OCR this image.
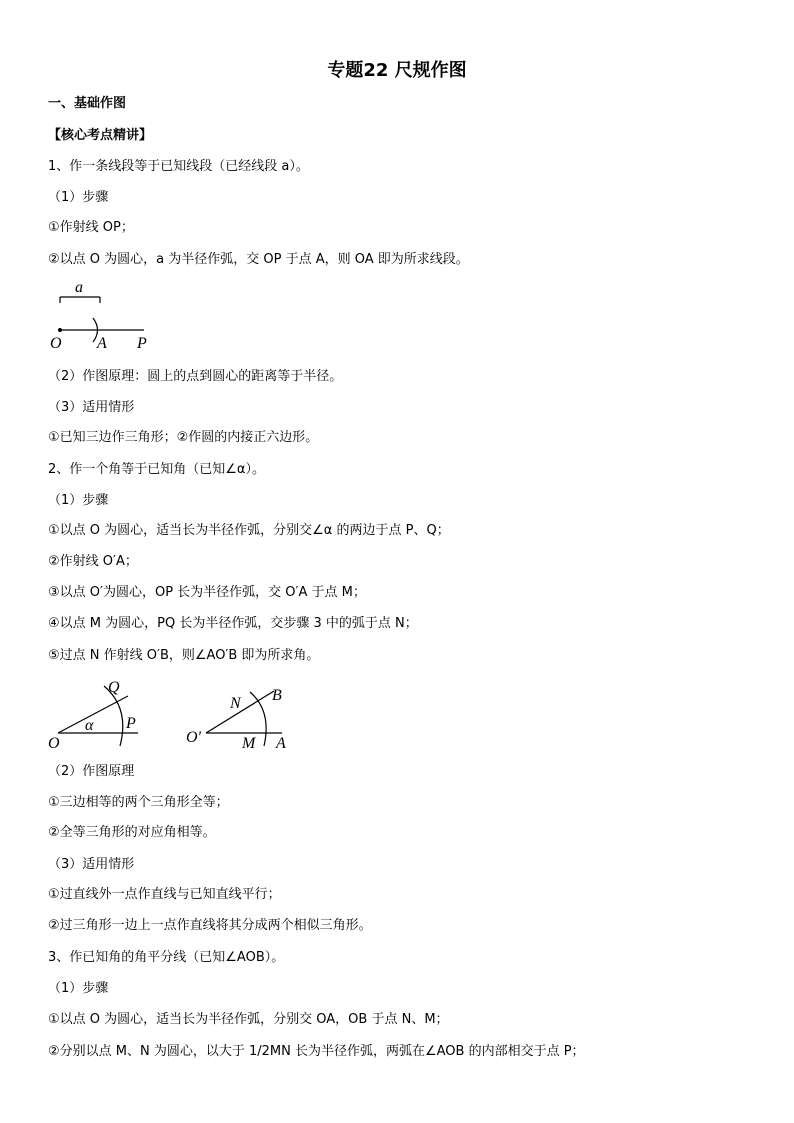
专题22 尺规作图
一、基础作图
【核心考点精讲】
1、作一条线段等于已知线段（已经线段 a）。
（1）步骤
①作射线 OP；
②以点 O 为圆心，a 为半径作弧，交 OP 于点 A，则 OA 即为所求线段。
a
O A P
（2）作图原理：圆上的点到圆心的距离等于半径。
（3）适用情形
①已知三边作三角形；②作圆的内接正六边形。
2、作一个角等于已知角（已知∠α）。
（1）步骤
①以点 O 为圆心，适当长为半径作弧，分别交∠α 的两边于点 P、Q；
②作射线 O′A；
③以点 O′为圆心，OP 长为半径作弧，交 O′A 于点 M；
④以点 M 为圆心，PQ 长为半径作弧，交步骤 3 中的弧于点 N；
⑤过点 N 作射线 O′B，则∠AO′B 即为所求角。
O
α
Q
P
O′
N B
M A
（2）作图原理
①三边相等的两个三角形全等；
②全等三角形的对应角相等。
（3）适用情形
①过直线外一点作直线与已知直线平行；
②过三角形一边上一点作直线将其分成两个相似三角形。
3、作已知角的角平分线（已知∠AOB）。
（1）步骤
①以点 O 为圆心，适当长为半径作弧，分别交 OA，OB 于点 N、M；
②分别以点 M、N 为圆心，以大于 1/2MN 长为半径作弧，两弧在∠AOB 的内部相交于点 P；
